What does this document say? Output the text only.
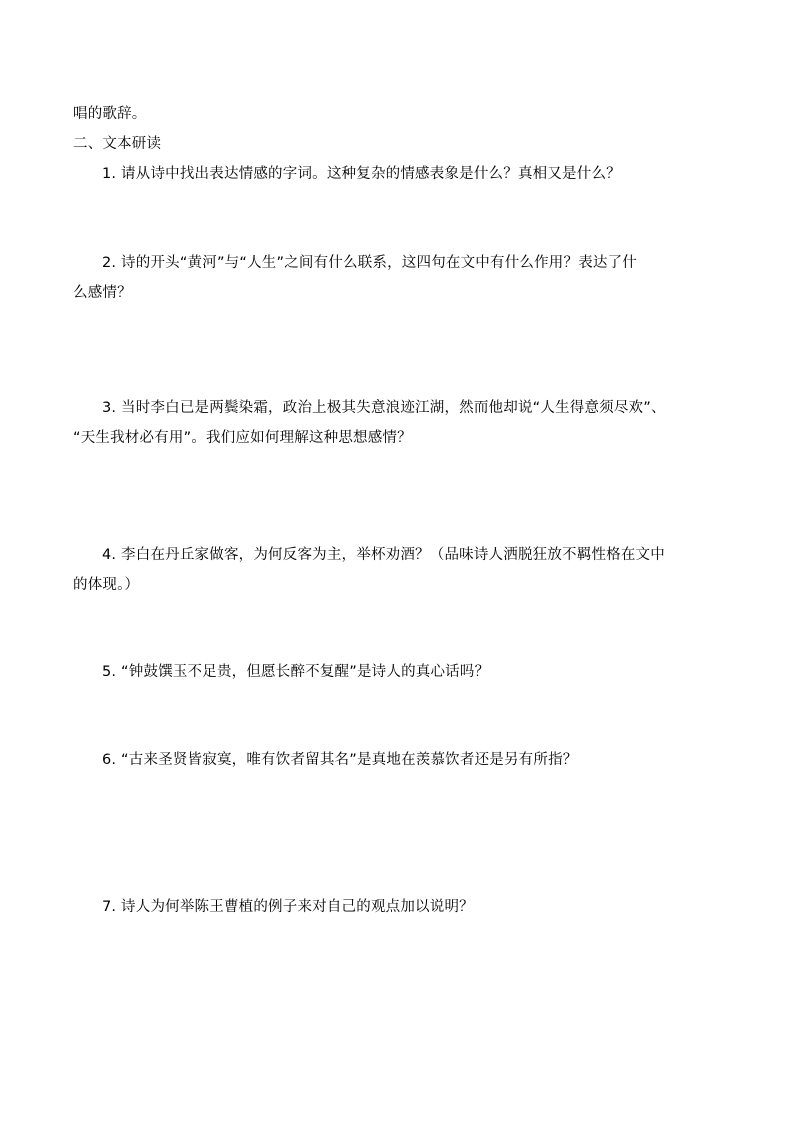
唱的歌辞。
二、文本研读
1. 请从诗中找出表达情感的字词。这种复杂的情感表象是什么？真相又是什么？
2. 诗的开头“黄河”与“人生”之间有什么联系，这四句在文中有什么作用？表达了什
么感情？
3. 当时李白已是两鬓染霜，政治上极其失意浪迹江湖，然而他却说“人生得意须尽欢”、
“天生我材必有用”。我们应如何理解这种思想感情？
4. 李白在丹丘家做客，为何反客为主，举杯劝酒？（品味诗人洒脱狂放不羁性格在文中
的体现。）
5. “钟鼓馔玉不足贵，但愿长醉不复醒”是诗人的真心话吗？
6. “古来圣贤皆寂寞，唯有饮者留其名”是真地在羡慕饮者还是另有所指？
7. 诗人为何举陈王曹植的例子来对自己的观点加以说明？
